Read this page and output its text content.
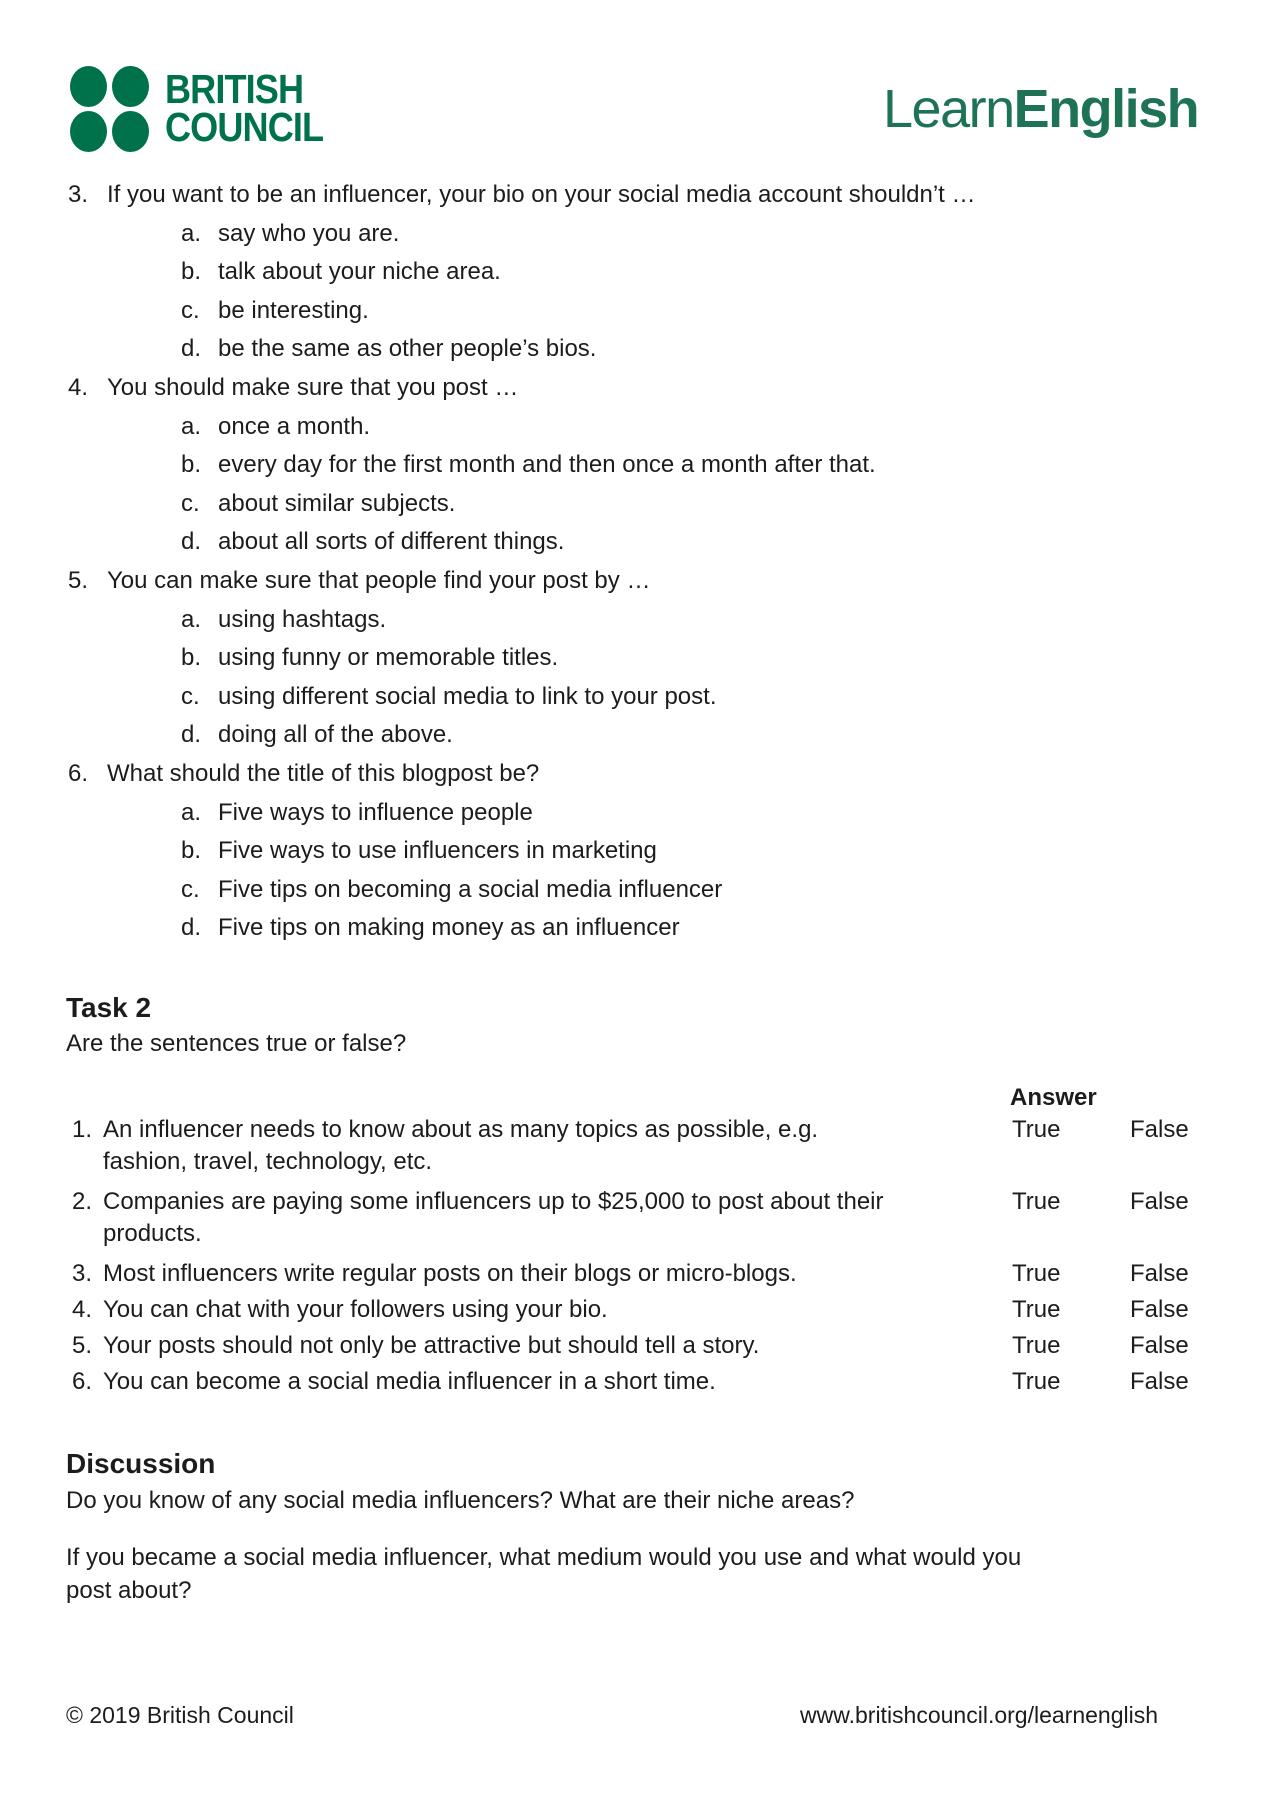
BRITISH
COUNCIL	LearnEnglish
3. If you want to be an influencer, your bio on your social media account shouldn’t …
a. say who you are.
b. talk about your niche area.
c. be interesting.
d. be the same as other people’s bios.
4. You should make sure that you post …
a. once a month.
b. every day for the first month and then once a month after that.
c. about similar subjects.
d. about all sorts of different things.
5. You can make sure that people find your post by …
a. using hashtags.
b. using funny or memorable titles.
c. using different social media to link to your post.
d. doing all of the above.
6. What should the title of this blogpost be?
a. Five ways to influence people
b. Five ways to use influencers in marketing
c. Five tips on becoming a social media influencer
d. Five tips on making money as an influencer
Task 2
Are the sentences true or false?
Answer
1. An influencer needs to know about as many topics as possible, e.g. fashion, travel, technology, etc.
True	False
2. Companies are paying some influencers up to $25,000 to post about their products.
True	False
3. Most influencers write regular posts on their blogs or micro-blogs.	True	False
4. You can chat with your followers using your bio.	True	False
5. Your posts should not only be attractive but should tell a story.	True	False
6. You can become a social media influencer in a short time.	True	False
Discussion
Do you know of any social media influencers? What are their niche areas?
If you became a social media influencer, what medium would you use and what would you post about?
© 2019 British Council	www.britishcouncil.org/learnenglish
